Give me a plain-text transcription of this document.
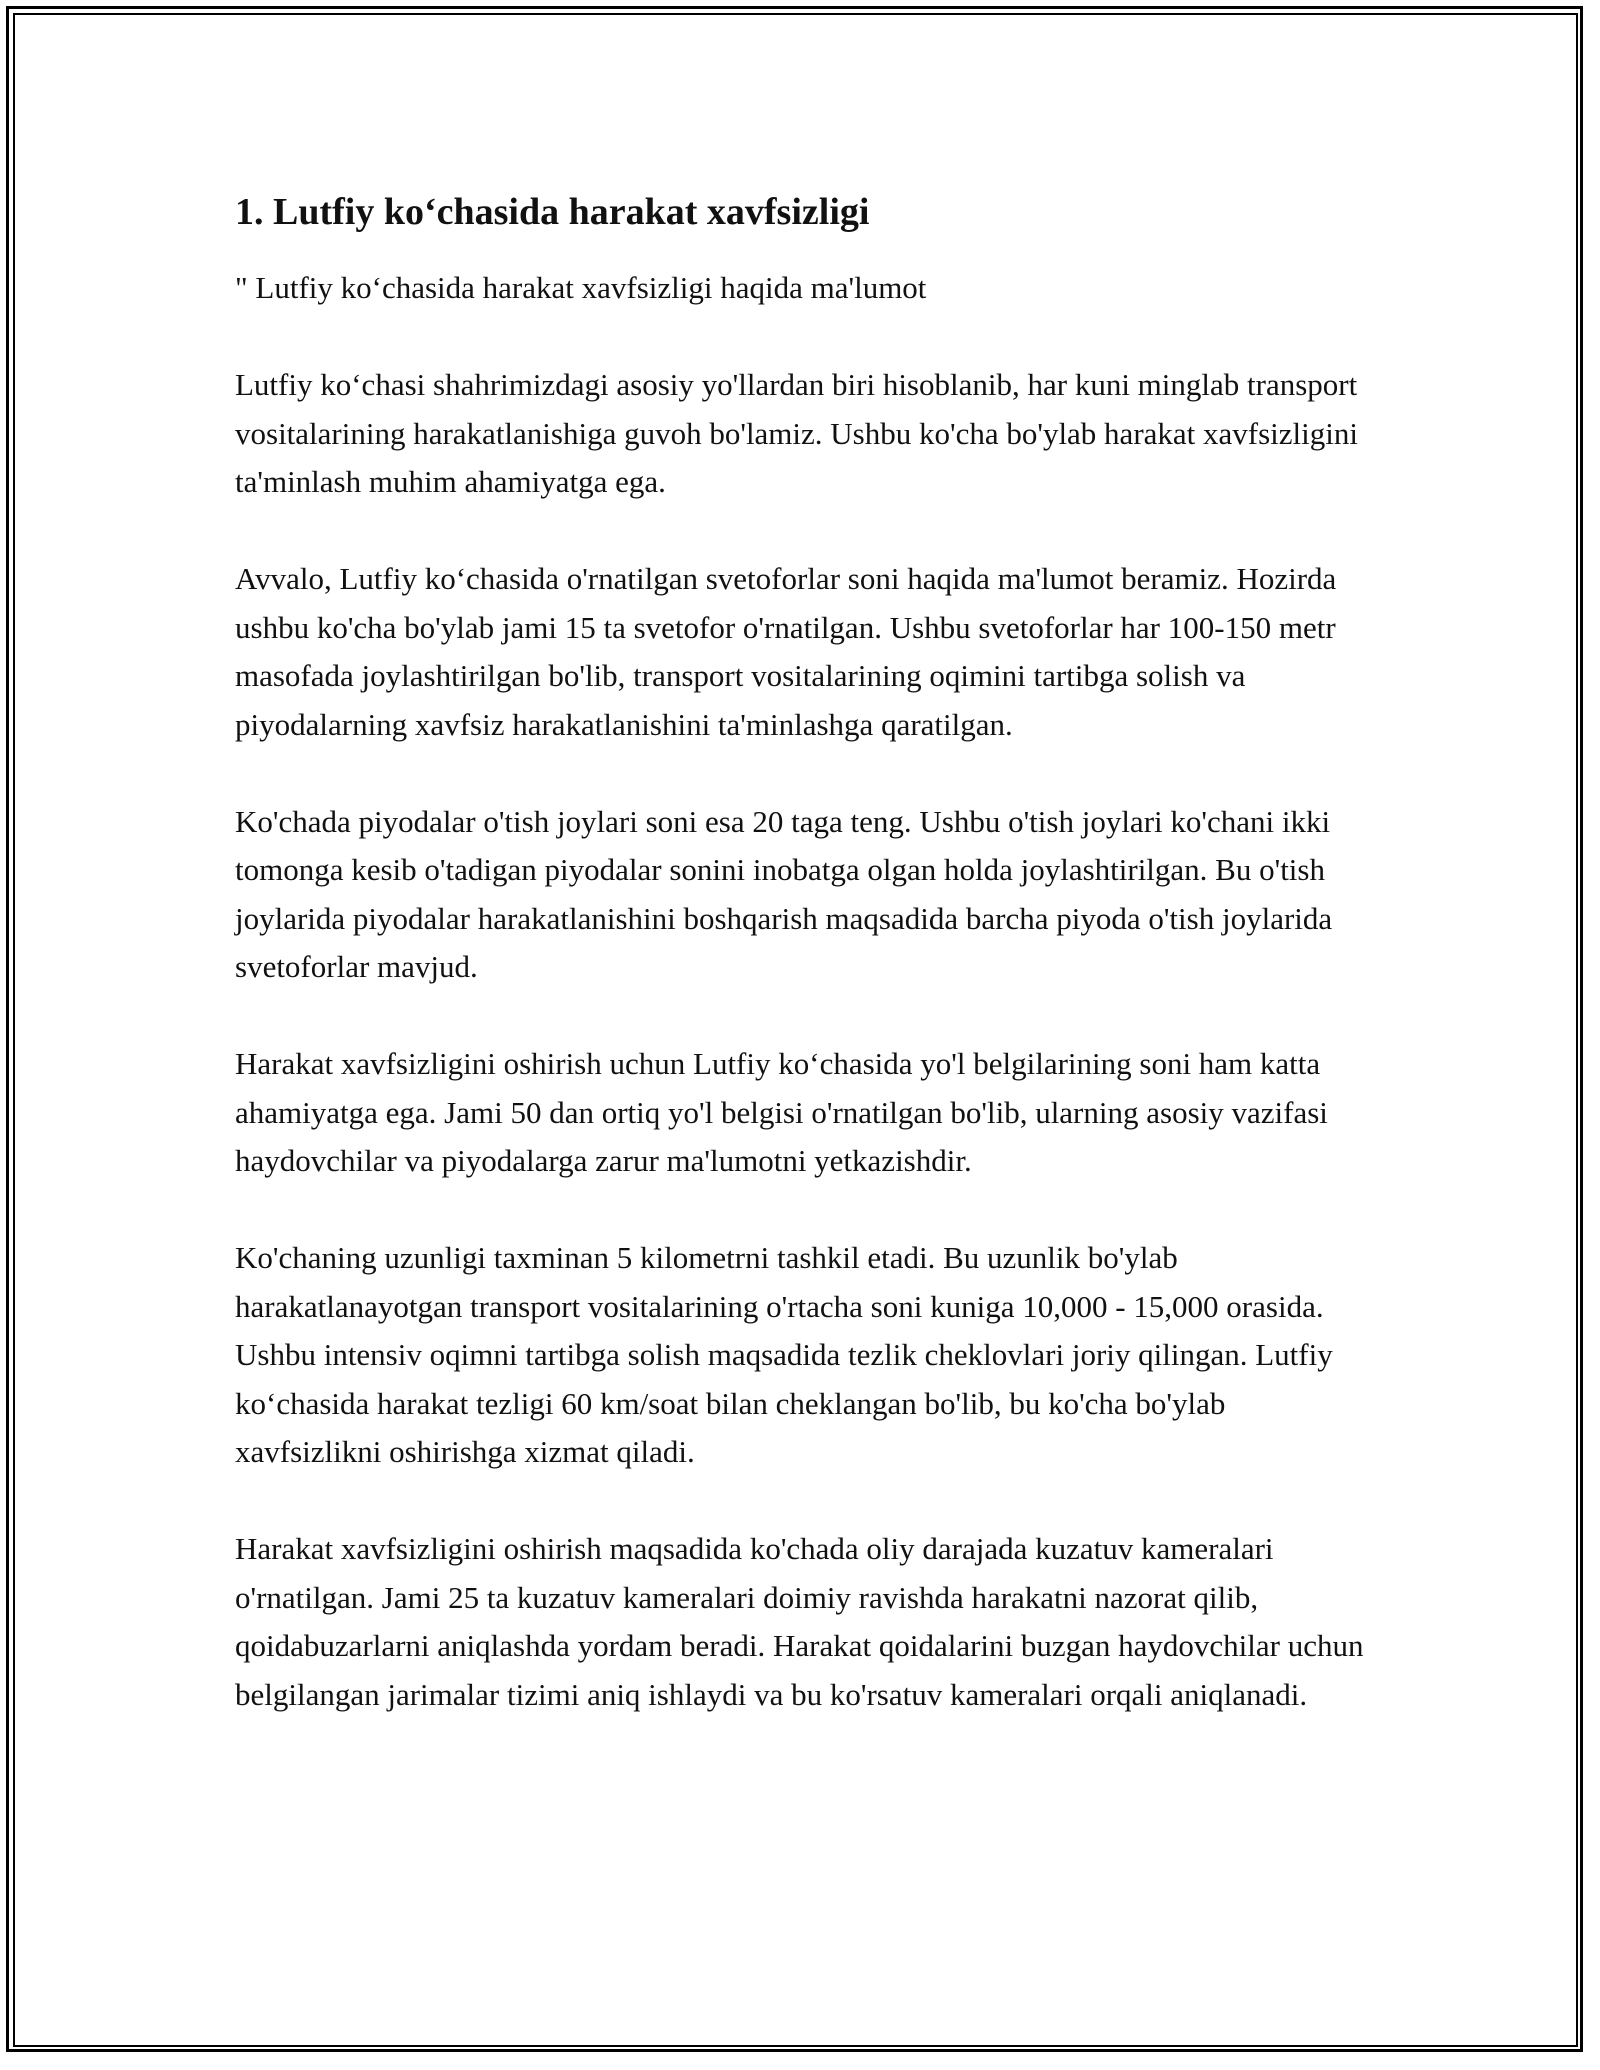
1. Lutfiy ko‘chasida harakat xavfsizligi

" Lutfiy ko‘chasida harakat xavfsizligi haqida ma'lumot

Lutfiy ko‘chasi shahrimizdagi asosiy yo'llardan biri hisoblanib, har kuni minglab transport vositalarining harakatlanishiga guvoh bo'lamiz. Ushbu ko'cha bo'ylab harakat xavfsizligini ta'minlash muhim ahamiyatga ega.

Avvalo, Lutfiy ko‘chasida o'rnatilgan svetoforlar soni haqida ma'lumot beramiz. Hozirda ushbu ko'cha bo'ylab jami 15 ta svetofor o'rnatilgan. Ushbu svetoforlar har 100-150 metr masofada joylashtirilgan bo'lib, transport vositalarining oqimini tartibga solish va piyodalarning xavfsiz harakatlanishini ta'minlashga qaratilgan.

Ko'chada piyodalar o'tish joylari soni esa 20 taga teng. Ushbu o'tish joylari ko'chani ikki tomonga kesib o'tadigan piyodalar sonini inobatga olgan holda joylashtirilgan. Bu o'tish joylarida piyodalar harakatlanishini boshqarish maqsadida barcha piyoda o'tish joylarida svetoforlar mavjud.

Harakat xavfsizligini oshirish uchun Lutfiy ko‘chasida yo'l belgilarining soni ham katta ahamiyatga ega. Jami 50 dan ortiq yo'l belgisi o'rnatilgan bo'lib, ularning asosiy vazifasi haydovchilar va piyodalarga zarur ma'lumotni yetkazishdir.

Ko'chaning uzunligi taxminan 5 kilometrni tashkil etadi. Bu uzunlik bo'ylab harakatlanayotgan transport vositalarining o'rtacha soni kuniga 10,000 - 15,000 orasida. Ushbu intensiv oqimni tartibga solish maqsadida tezlik cheklovlari joriy qilingan. Lutfiy ko‘chasida harakat tezligi 60 km/soat bilan cheklangan bo'lib, bu ko'cha bo'ylab xavfsizlikni oshirishga xizmat qiladi.

Harakat xavfsizligini oshirish maqsadida ko'chada oliy darajada kuzatuv kameralari o'rnatilgan. Jami 25 ta kuzatuv kameralari doimiy ravishda harakatni nazorat qilib, qoidabuzarlarni aniqlashda yordam beradi. Harakat qoidalarini buzgan haydovchilar uchun belgilangan jarimalar tizimi aniq ishlaydi va bu ko'rsatuv kameralari orqali aniqlanadi.
